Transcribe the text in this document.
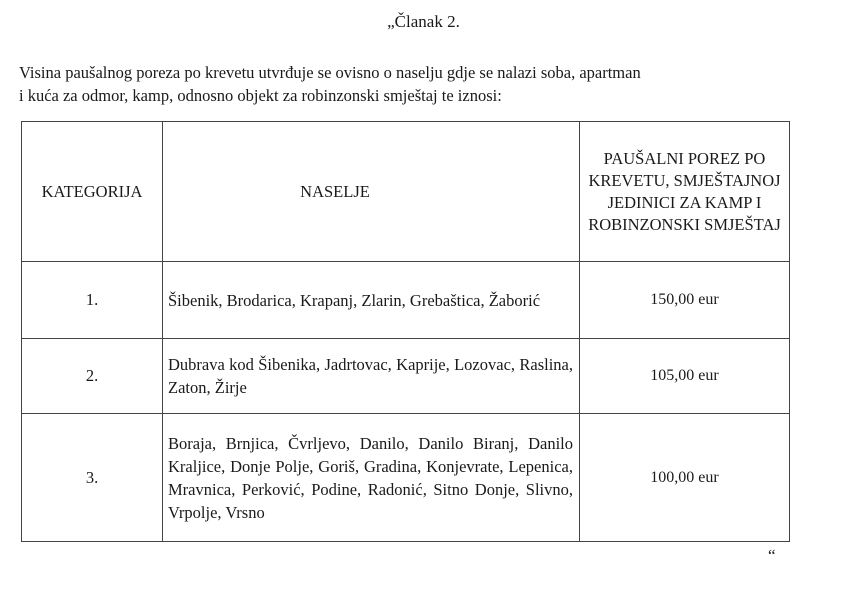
„Članak 2.
Visina paušalnog poreza po krevetu utvrđuje se ovisno o naselju gdje se nalazi soba, apartman
i kuća za odmor, kamp, odnosno objekt za robinzonski smještaj te iznosi:
KATEGORIJA	NASELJE	PAUŠALNI POREZ PO KREVETU, SMJEŠTAJNOJ JEDINICI ZA KAMP I ROBINZONSKI SMJEŠTAJ
1.	Šibenik, Brodarica, Krapanj, Zlarin, Grebaštica, Žaborić	150,00 eur
2.	Dubrava kod Šibenika, Jadrtovac, Kaprije, Lozovac, Raslina, Zaton, Žirje	105,00 eur
3.	Boraja, Brnjica, Čvrljevo, Danilo, Danilo Biranj, Danilo Kraljice, Donje Polje, Goriš, Gradina, Konjevrate, Lepenica, Mravnica, Perković, Podine, Radonić, Sitno Donje, Slivno, Vrpolje, Vrsno	100,00 eur
“
